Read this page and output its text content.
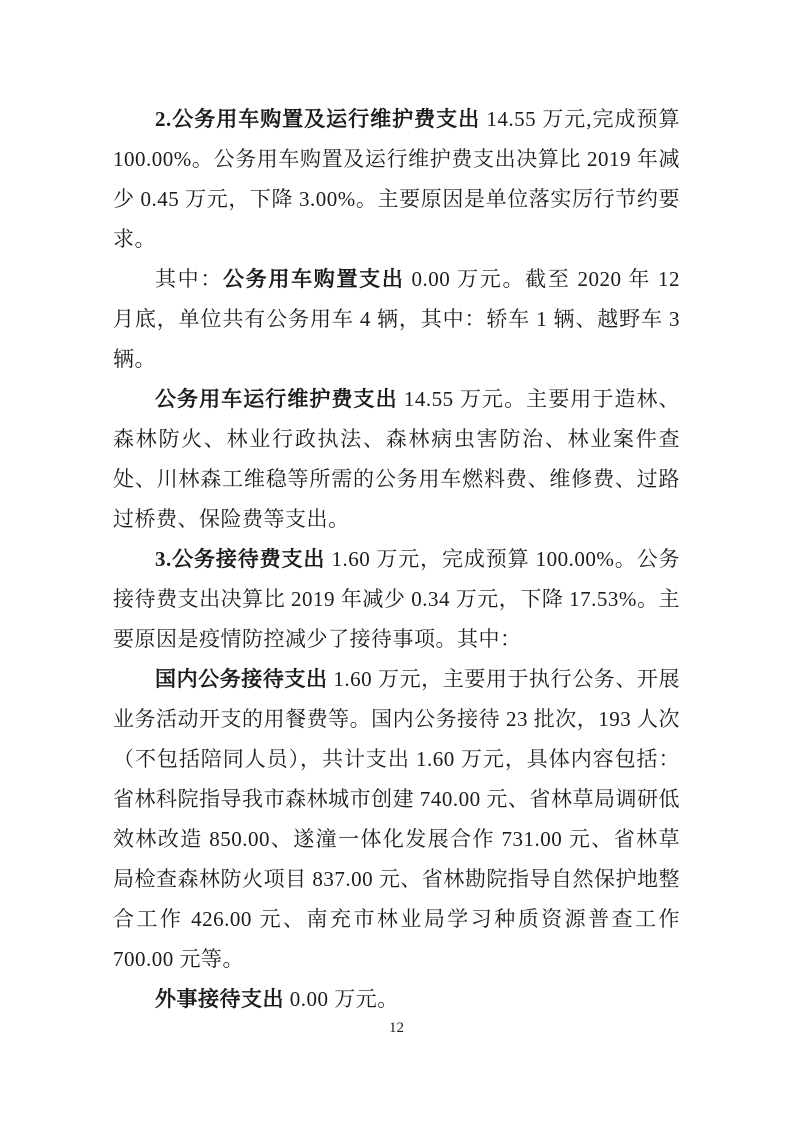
2.公务用车购置及运行维护费支出 14.55 万元,完成预算 100.00%。公务用车购置及运行维护费支出决算比 2019 年减少 0.45 万元，下降 3.00%。主要原因是单位落实厉行节约要求。

其中：公务用车购置支出 0.00 万元。截至 2020 年 12 月底，单位共有公务用车 4 辆，其中：轿车 1 辆、越野车 3 辆。

公务用车运行维护费支出 14.55 万元。主要用于造林、森林防火、林业行政执法、森林病虫害防治、林业案件查处、川林森工维稳等所需的公务用车燃料费、维修费、过路过桥费、保险费等支出。

3.公务接待费支出 1.60 万元，完成预算 100.00%。公务接待费支出决算比 2019 年减少 0.34 万元，下降 17.53%。主要原因是疫情防控减少了接待事项。其中：

国内公务接待支出 1.60 万元，主要用于执行公务、开展业务活动开支的用餐费等。国内公务接待 23 批次，193 人次（不包括陪同人员），共计支出 1.60 万元，具体内容包括：省林科院指导我市森林城市创建 740.00 元、省林草局调研低效林改造 850.00、遂潼一体化发展合作 731.00 元、省林草局检查森林防火项目 837.00 元、省林勘院指导自然保护地整合工作 426.00 元、南充市林业局学习种质资源普查工作 700.00 元等。

外事接待支出 0.00 万元。

12
